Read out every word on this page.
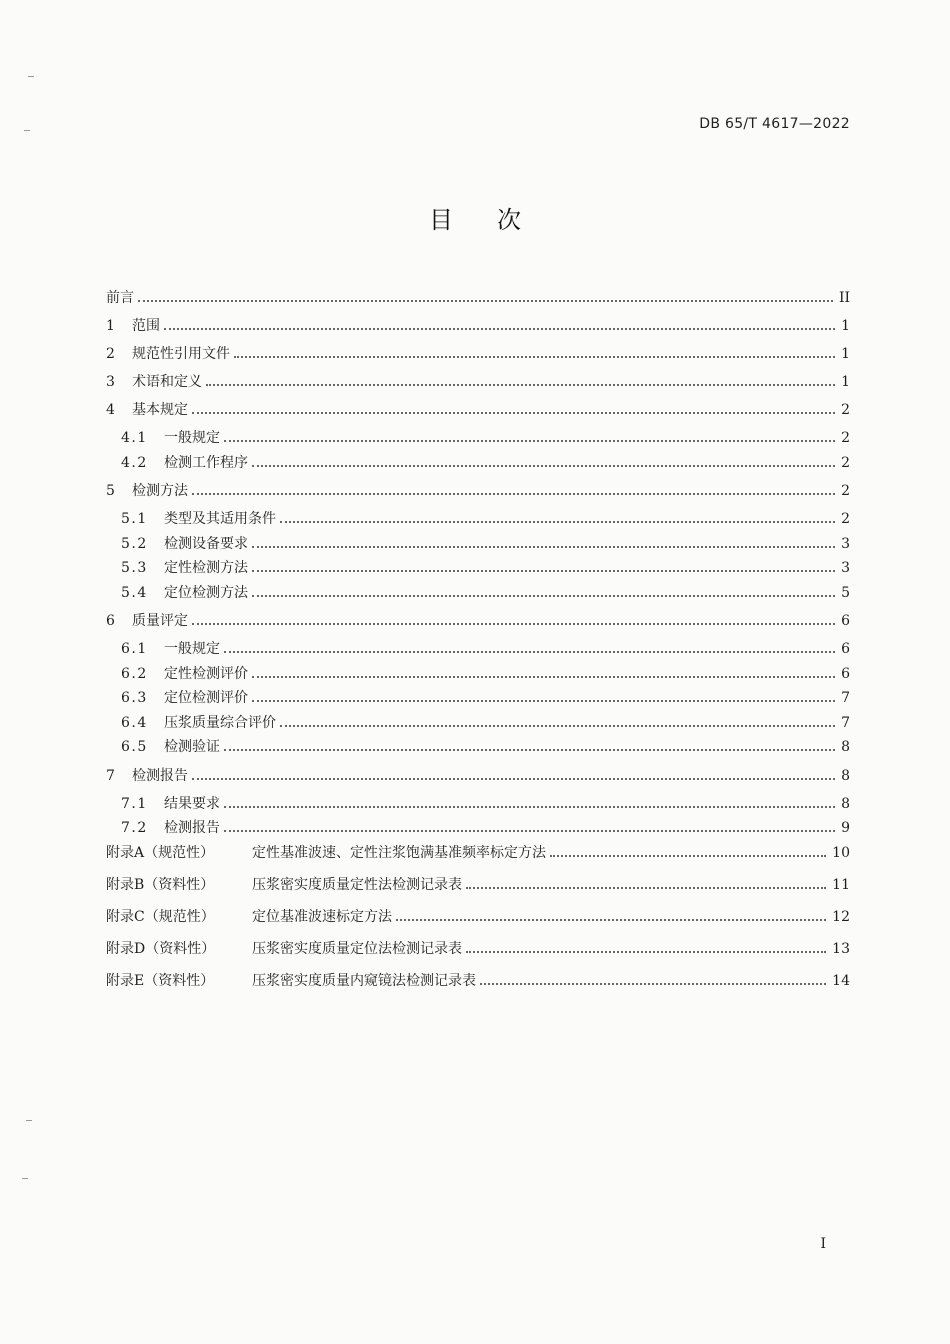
DB 65/T 4617—2022
目次
前言	II
1	范围	1
2	规范性引用文件	1
3	术语和定义	1
4	基本规定	2
4.1	一般规定	2
4.2	检测工作程序	2
5	检测方法	2
5.1	类型及其适用条件	2
5.2	检测设备要求	3
5.3	定性检测方法	3
5.4	定位检测方法	5
6	质量评定	6
6.1	一般规定	6
6.2	定性检测评价	6
6.3	定位检测评价	7
6.4	压浆质量综合评价	7
6.5	检测验证	8
7	检测报告	8
7.1	结果要求	8
7.2	检测报告	9
附录A（规范性）	定性基准波速、定性注浆饱满基准频率标定方法	10
附录B（资料性）	压浆密实度质量定性法检测记录表	11
附录C（规范性）	定位基准波速标定方法	12
附录D（资料性）	压浆密实度质量定位法检测记录表	13
附录E（资料性）	压浆密实度质量内窥镜法检测记录表	14
I
